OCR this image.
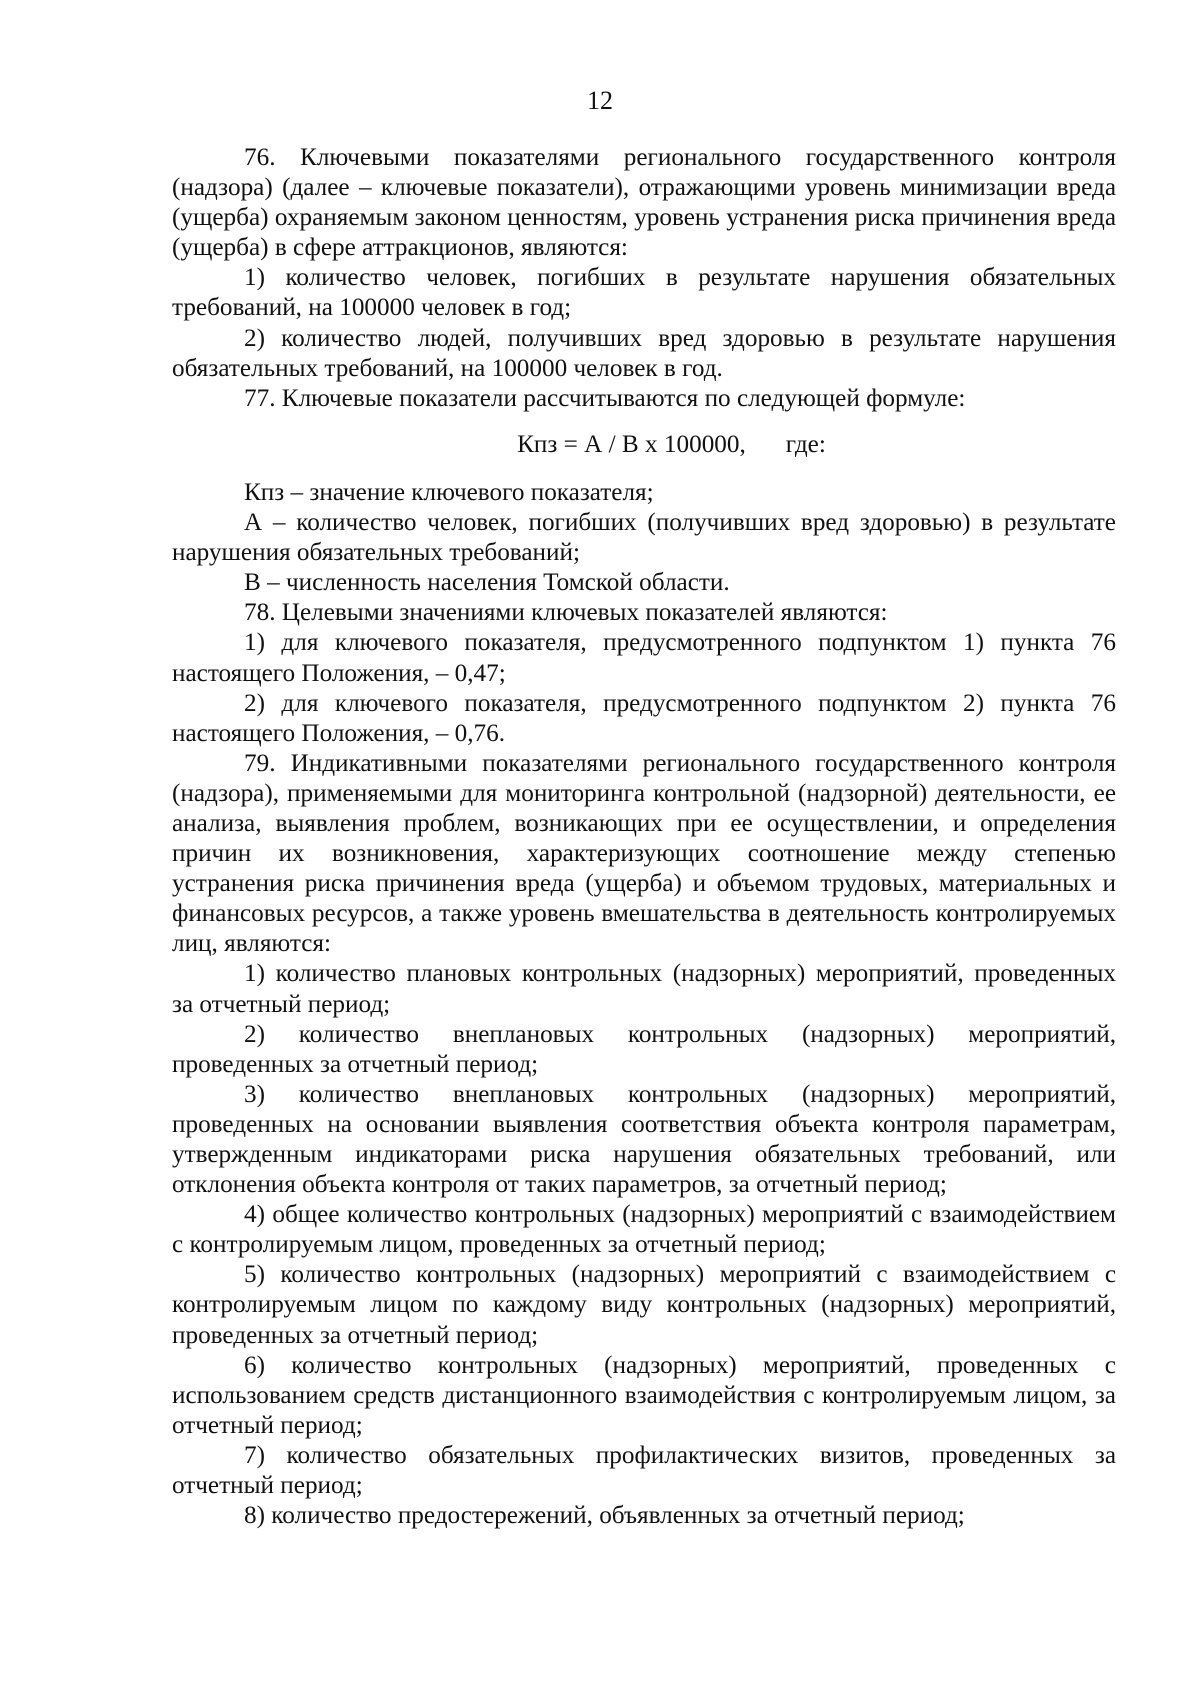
12

76. Ключевыми показателями регионального государственного контроля (надзора) (далее – ключевые показатели), отражающими уровень минимизации вреда (ущерба) охраняемым законом ценностям, уровень устранения риска причинения вреда (ущерба) в сфере аттракционов, являются:

1) количество человек, погибших в результате нарушения обязательных требований, на 100000 человек в год;

2) количество людей, получивших вред здоровью в результате нарушения обязательных требований, на 100000 человек в год.

77. Ключевые показатели рассчитываются по следующей формуле:

Кпз = А / В х 100000, где:

Кпз – значение ключевого показателя;

А – количество человек, погибших (получивших вред здоровью) в результате нарушения обязательных требований;

В – численность населения Томской области.

78. Целевыми значениями ключевых показателей являются:

1) для ключевого показателя, предусмотренного подпунктом 1) пункта 76 настоящего Положения, – 0,47;

2) для ключевого показателя, предусмотренного подпунктом 2) пункта 76 настоящего Положения, – 0,76.

79. Индикативными показателями регионального государственного контроля (надзора), применяемыми для мониторинга контрольной (надзорной) деятельности, ее анализа, выявления проблем, возникающих при ее осуществлении, и определения причин их возникновения, характеризующих соотношение между степенью устранения риска причинения вреда (ущерба) и объемом трудовых, материальных и финансовых ресурсов, а также уровень вмешательства в деятельность контролируемых лиц, являются:

1) количество плановых контрольных (надзорных) мероприятий, проведенных за отчетный период;

2) количество внеплановых контрольных (надзорных) мероприятий, проведенных за отчетный период;

3) количество внеплановых контрольных (надзорных) мероприятий, проведенных на основании выявления соответствия объекта контроля параметрам, утвержденным индикаторами риска нарушения обязательных требований, или отклонения объекта контроля от таких параметров, за отчетный период;

4) общее количество контрольных (надзорных) мероприятий с взаимодействием с контролируемым лицом, проведенных за отчетный период;

5) количество контрольных (надзорных) мероприятий с взаимодействием с контролируемым лицом по каждому виду контрольных (надзорных) мероприятий, проведенных за отчетный период;

6) количество контрольных (надзорных) мероприятий, проведенных с использованием средств дистанционного взаимодействия с контролируемым лицом, за отчетный период;

7) количество обязательных профилактических визитов, проведенных за отчетный период;

8) количество предостережений, объявленных за отчетный период;
